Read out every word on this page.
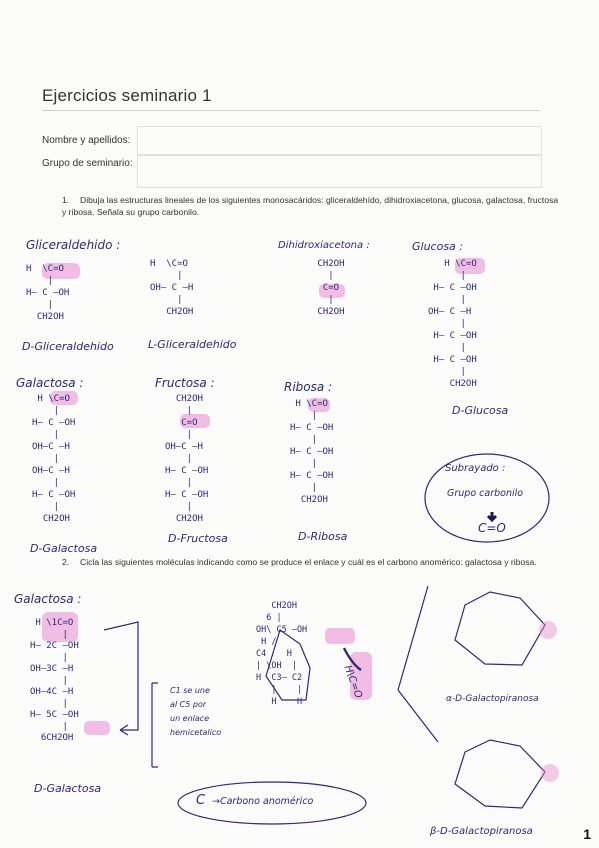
Ejercicios seminario 1
Nombre y apellidos:
Grupo de seminario:
1. Dibuja las estructuras lineales de los siguientes monosacáridos: gliceraldehído, dihidroxiacetona, glucosa, galactosa, fructosa y ribosa. Señala su grupo carbonilo.
Gliceraldehido :	Dihidroxiacetona :	Glucosa :
Galactosa :	Fructosa :	Ribosa :
H  \C=O
|
H— C —OH
|
CH2OH
H  \C=O
|
OH— C —H
|
CH2OH
CH2OH
|
C=O
|
CH2OH
H \C=O
|
H— C —OH
|
OH— C —H
|
H— C —OH
|
H— C —OH
|
CH2OH
H \C=O
|
H— C —OH
|
OH—C —H
|
OH—C —H
|
H— C —OH
|
CH2OH
CH2OH
|
C=O
|
OH—C —H
|
H— C —OH
|
H— C —OH
|
CH2OH
H \C=O
|
H— C —OH
|
H— C —OH
|
H— C —OH
|
CH2OH
D-Gliceraldehido	L-Gliceraldehido
D-Glucosa
D-Galactosa
D-Fructosa	D-Ribosa
Subrayado :
Grupo carbonilo
C=O
2. Cicla las siguientes moléculas indicando como se produce el enlace y cuál es el carbono anomérico: galactosa y ribosa.
Galactosa :
H \1C=O
|
H— 2C —OH
|
OH—3C —H
|
OH—4C —H
|
H— 5C —OH
|
6CH2OH
D-Galactosa
C1 se une
al C5 por
un enlace
hemicetalico
CH2OH
6 |
OH\ C5 —OH
H /
C4    H
| \OH  |
H  C3— C2
|    |
H    H
H\C=O
C →Carbono anomérico
α-D-Galactopiranosa
β-D-Galactopiranosa	1
